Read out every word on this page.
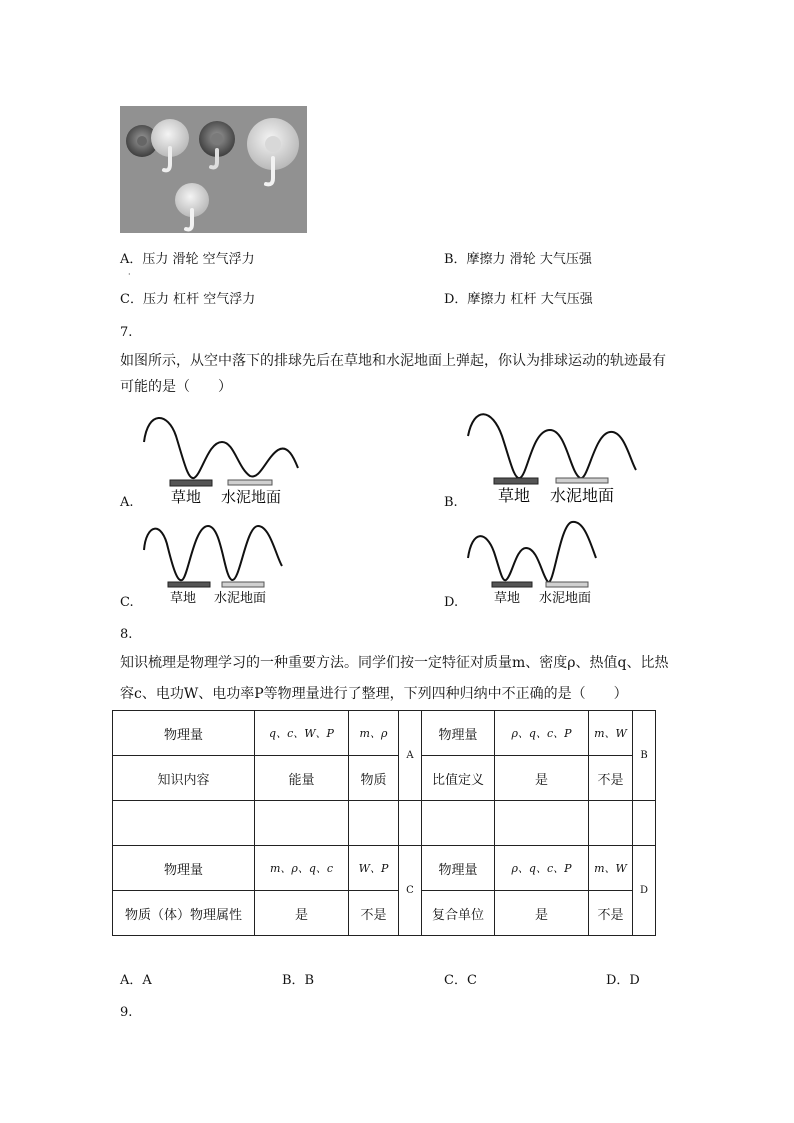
A．压力 滑轮 空气浮力
·
B．摩擦力 滑轮 大气压强
C．压力 杠杆 空气浮力	D．摩擦力 杠杆 大气压强
7.
如图所示，从空中落下的排球先后在草地和水泥地面上弹起，你认为排球运动的轨迹最有可能的是（　　）
草地 水泥地面
A.	草地 水泥地面
B.
草地 水泥地面
C.	草地 水泥地面
D.
8.
知识梳理是物理学习的一种重要方法。同学们按一定特征对质量m、密度ρ、热值q、比热
容c、电功W、电功率P等物理量进行了整理，下列四种归纳中不正确的是（　　）
物理量	q、c、W、P	m、ρ	A	物理量	ρ、q、c、P	m、W	B
知识内容	能量	物质		比值定义	是	不是	

物理量	m、ρ、q、c	W、P	C	物理量	ρ、q、c、P	m、W	D
物质（体）物理属性	是	不是		复合单位	是	不是	
A．A	B．B	C．C	D．D
9.
